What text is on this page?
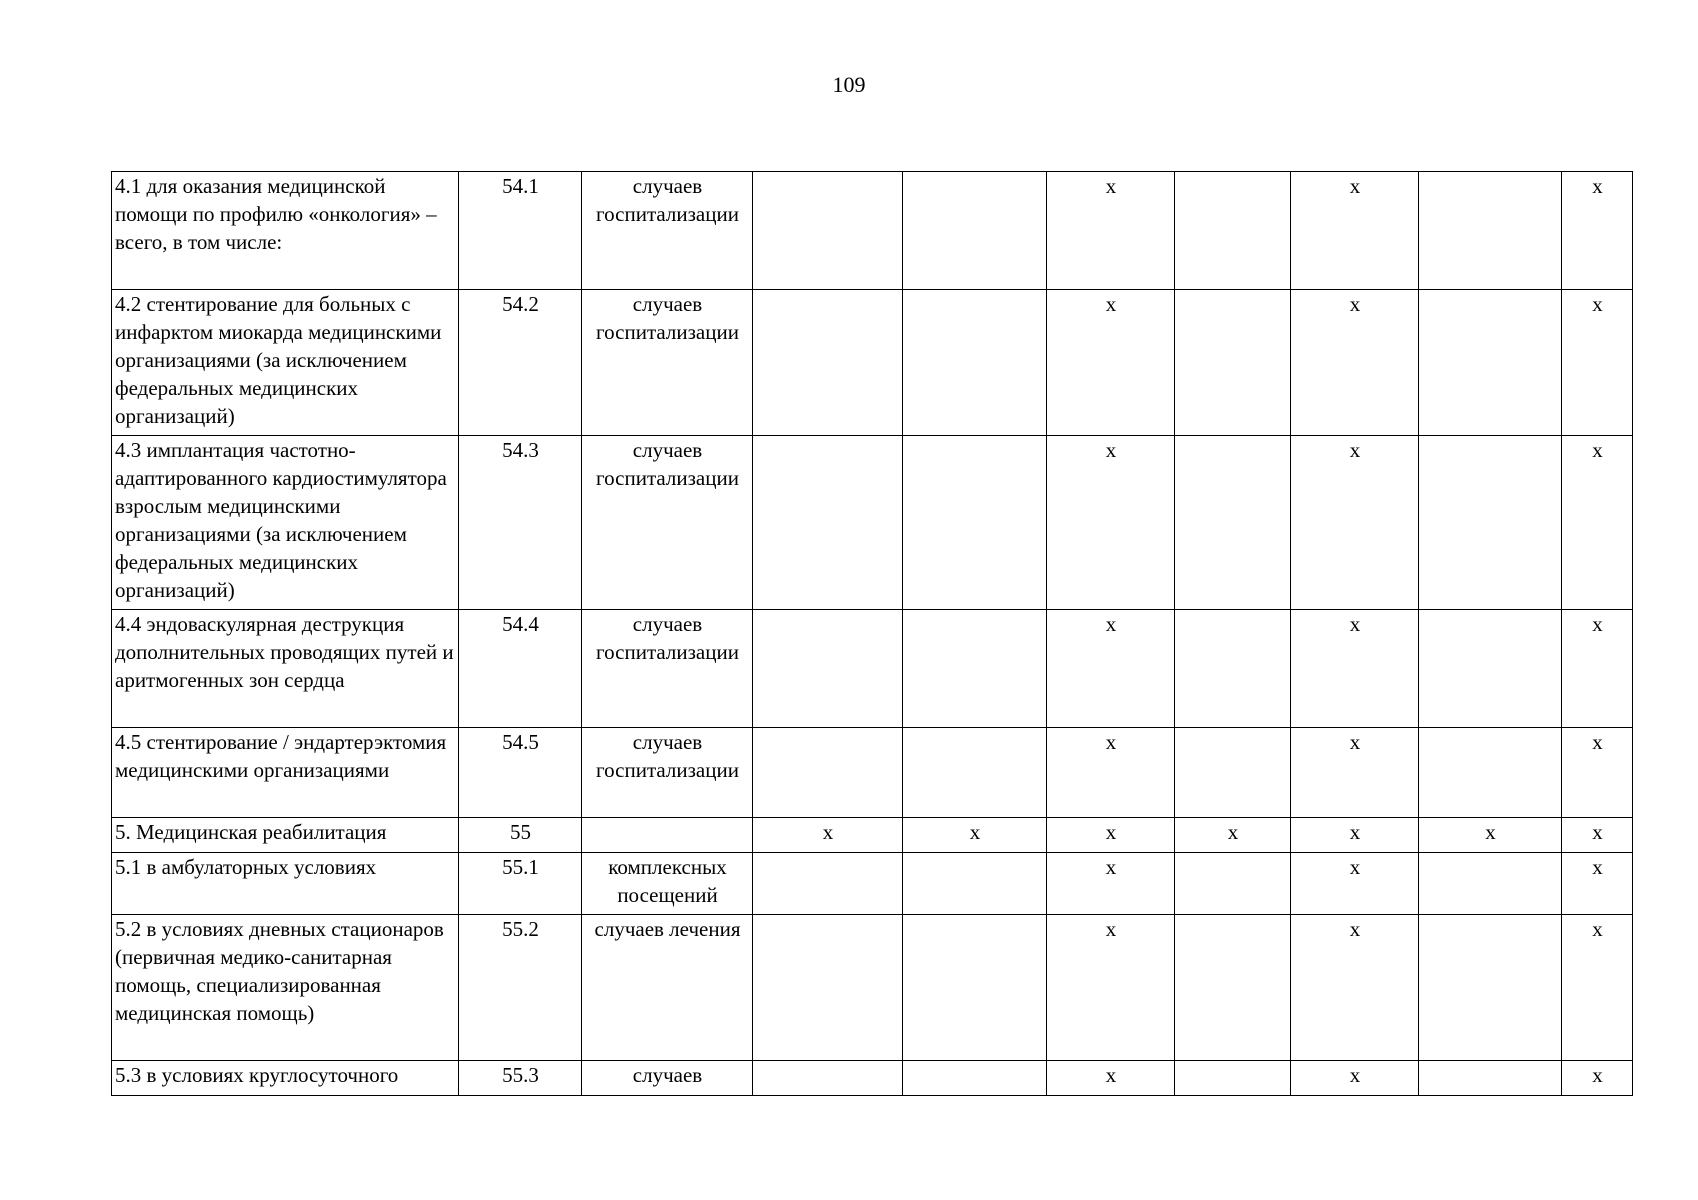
109
4.1 для оказания медицинской помощи по профилю «онкология» – всего, в том числе:	54.1	случаев госпитализации			x		x		x
4.2 стентирование для больных с инфарктом миокарда медицинскими организациями (за исключением федеральных медицинских организаций)	54.2	случаев госпитализации			x		x		x
4.3 имплантация частотно-адаптированного кардиостимулятора взрослым медицинскими организациями (за исключением федеральных медицинских организаций)	54.3	случаев госпитализации			x		x		x
4.4 эндоваскулярная деструкция дополнительных проводящих путей и аритмогенных зон сердца	54.4	случаев госпитализации			x		x		x
4.5 стентирование / эндартерэктомия медицинскими организациями	54.5	случаев госпитализации			x		x		x
5. Медицинская реабилитация	55		x	x	x	x	x	x	x
5.1 в амбулаторных условиях	55.1	комплексных посещений			x		x		x
5.2 в условиях дневных стационаров (первичная медико-санитарная помощь, специализированная медицинская помощь)	55.2	случаев лечения			x		x		x
5.3 в условиях круглосуточного	55.3	случаев			x		x		x
